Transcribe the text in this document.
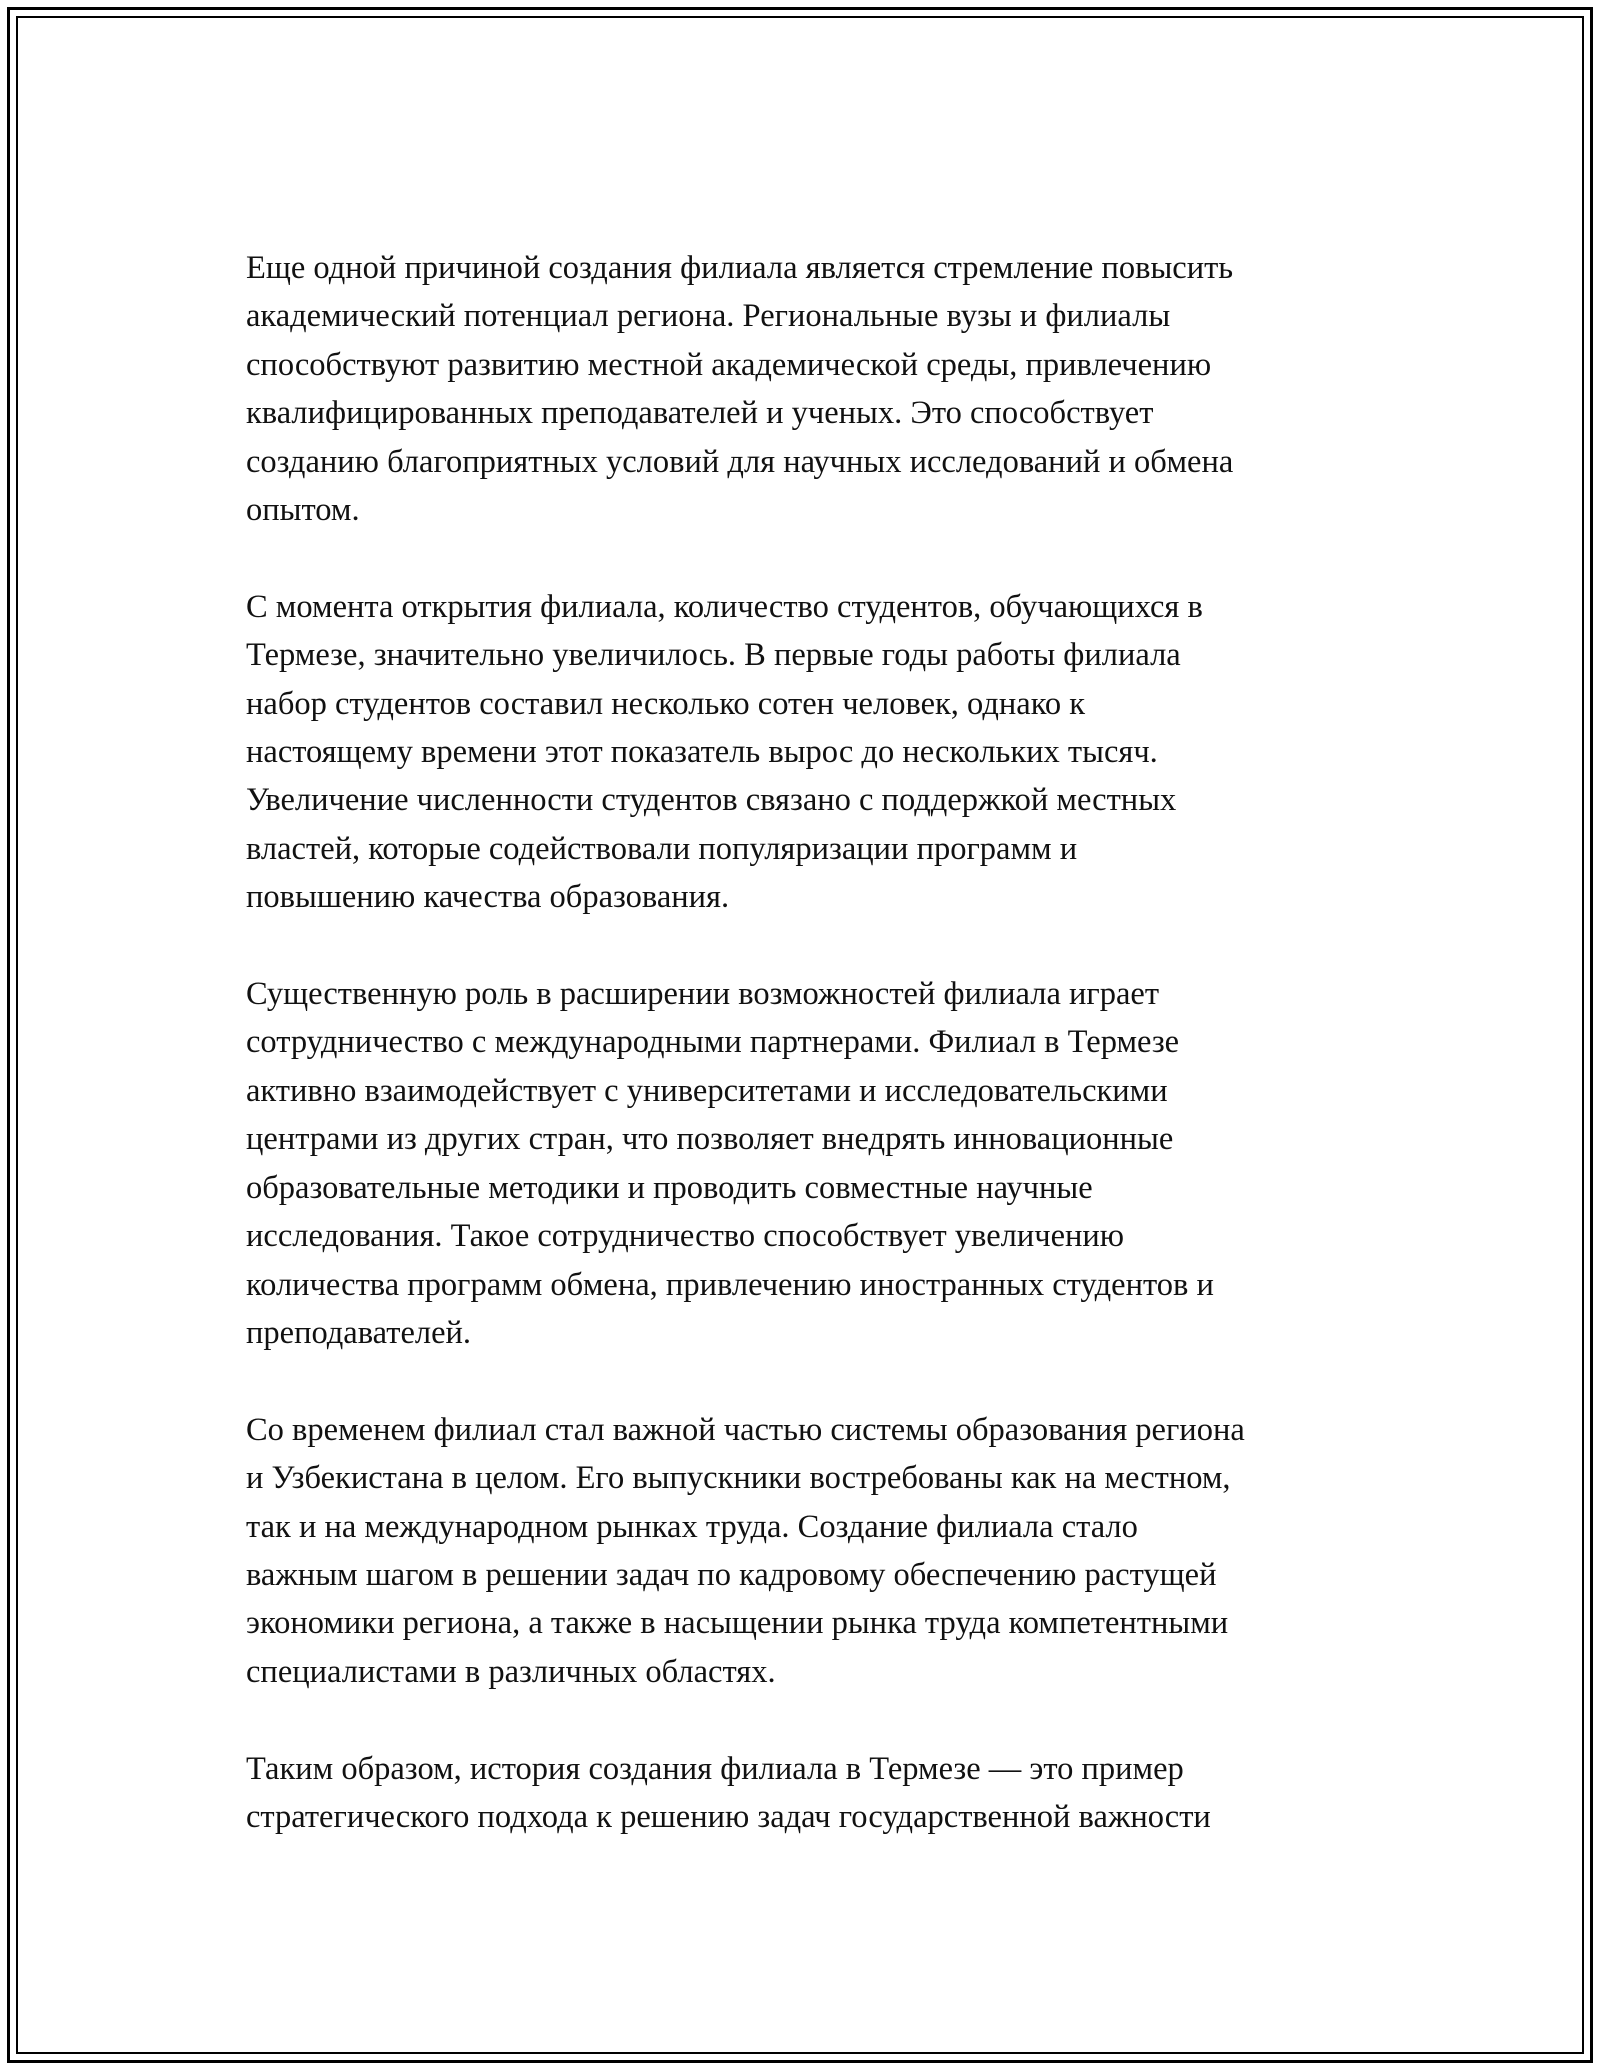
Еще одной причиной создания филиала является стремление повысить
академический потенциал региона. Региональные вузы и филиалы
способствуют развитию местной академической среды, привлечению
квалифицированных преподавателей и ученых. Это способствует
созданию благоприятных условий для научных исследований и обмена
опытом.

С момента открытия филиала, количество студентов, обучающихся в
Термезе, значительно увеличилось. В первые годы работы филиала
набор студентов составил несколько сотен человек, однако к
настоящему времени этот показатель вырос до нескольких тысяч.
Увеличение численности студентов связано с поддержкой местных
властей, которые содействовали популяризации программ и
повышению качества образования.

Существенную роль в расширении возможностей филиала играет
сотрудничество с международными партнерами. Филиал в Термезе
активно взаимодействует с университетами и исследовательскими
центрами из других стран, что позволяет внедрять инновационные
образовательные методики и проводить совместные научные
исследования. Такое сотрудничество способствует увеличению
количества программ обмена, привлечению иностранных студентов и
преподавателей.

Со временем филиал стал важной частью системы образования региона
и Узбекистана в целом. Его выпускники востребованы как на местном,
так и на международном рынках труда. Создание филиала стало
важным шагом в решении задач по кадровому обеспечению растущей
экономики региона, а также в насыщении рынка труда компетентными
специалистами в различных областях.

Таким образом, история создания филиала в Термезе — это пример
стратегического подхода к решению задач государственной важности
